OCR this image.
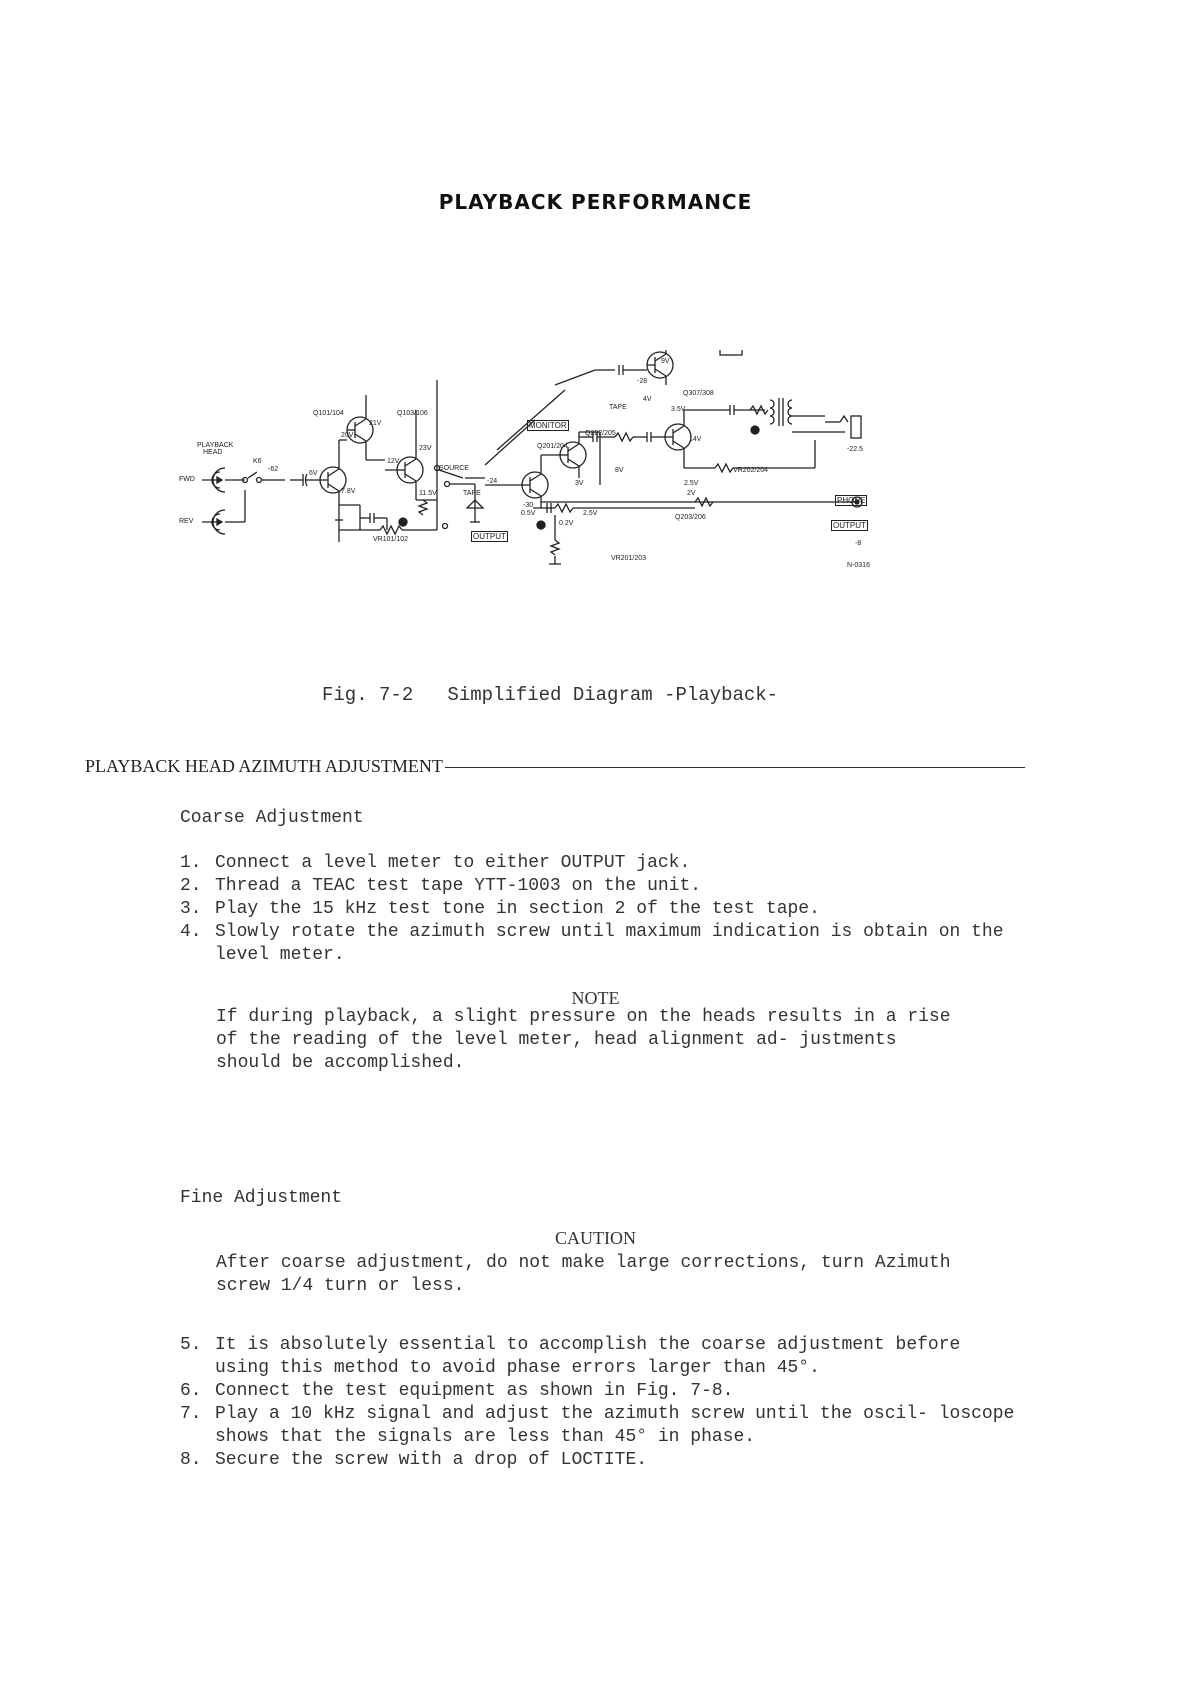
PLAYBACK PERFORMANCE
PLAYBACK
HEAD
K6
FWD
REV
-62
Q101/104	Q103/106
21V
20V
23V
12V
6V
7.8V	11.5V
VR101/102
SOURCE
TAPE
-24
OUTPUT
MONITOR
Q201/204
Q202/205
-30
0.5V
3V
0.2V
8V
2.5V
2.5V
VR201/203
-28
9V
4V
TAPE
Q307/308
3.5V
14V
VR202/204
2V
Q203/206
-22.5
PHONE
OUTPUT
-8
N-0316
Fig. 7-2   Simplified Diagram -Playback-
PLAYBACK HEAD AZIMUTH ADJUSTMENT
Coarse Adjustment
1. Connect a level meter to either OUTPUT jack.
2. Thread a TEAC test tape YTT-1003 on the unit.
3. Play the 15 kHz test tone in section 2 of the test tape.
4. Slowly rotate the azimuth screw until maximum indication is obtain on the level meter.
NOTE
If during playback, a slight pressure on the heads results in a rise of the reading of the level meter, head alignment ad- justments should be accomplished.
Fine Adjustment
CAUTION
After coarse adjustment, do not make large corrections, turn Azimuth screw 1/4 turn or less.
5. It is absolutely essential to accomplish the coarse adjustment before using this method to avoid phase errors larger than 45°.
6. Connect the test equipment as shown in Fig. 7-8.
7. Play a 10 kHz signal and adjust the azimuth screw until the oscil- loscope shows that the signals are less than 45° in phase.
8. Secure the screw with a drop of LOCTITE.
